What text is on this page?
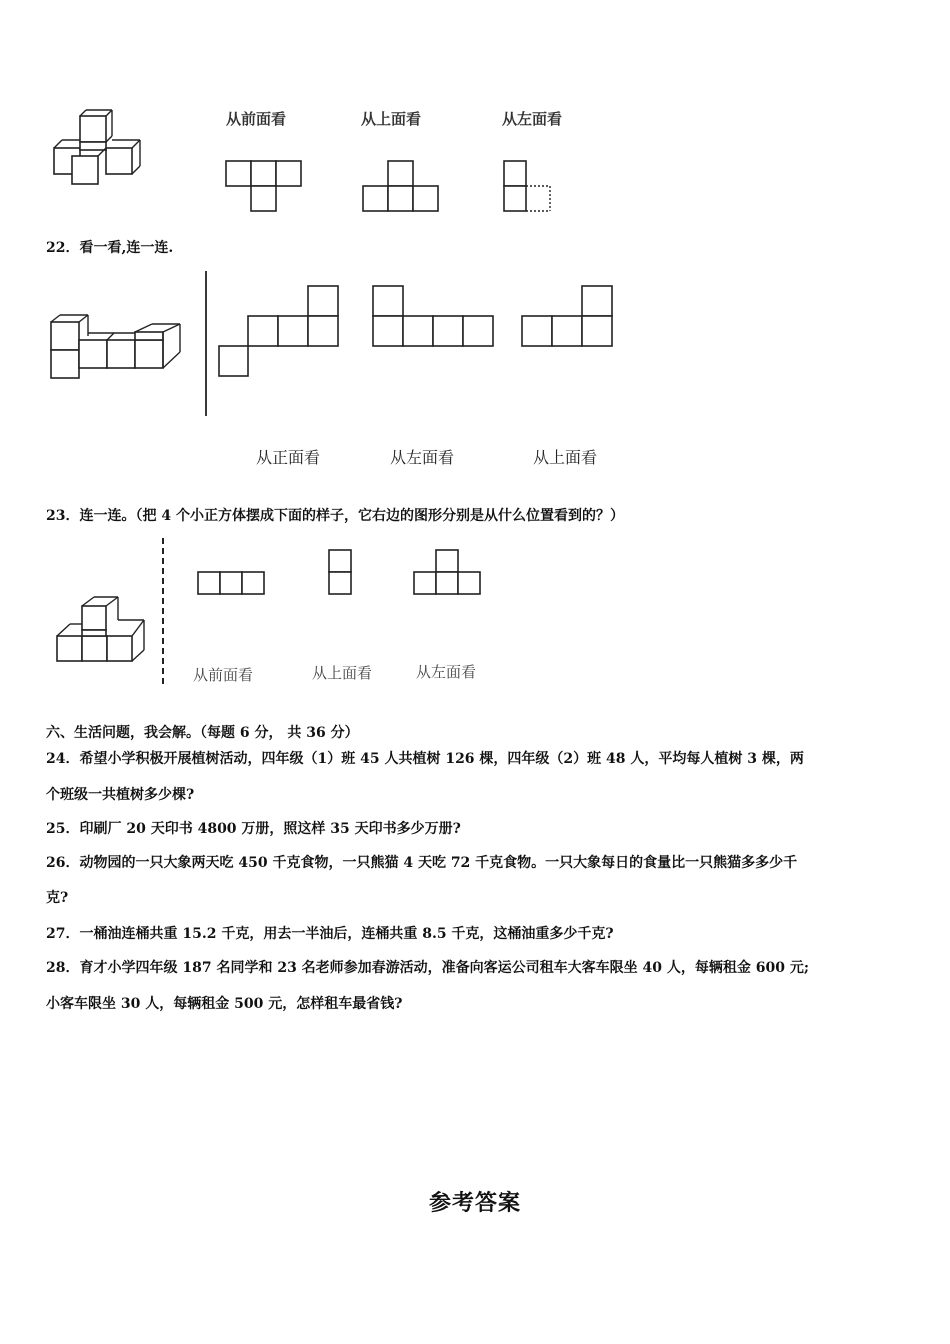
从前面看	从上面看	从左面看
22．看一看,连一连.
从正面看	从左面看	从上面看
23．连一连。（把 4 个小正方体摆成下面的样子，它右边的图形分别是从什么位置看到的？）
从前面看	从上面看	从左面看
六、生活问题，我会解。（每题 6 分， 共 36 分）
24．希望小学积极开展植树活动，四年级（1）班 45 人共植树 126 棵，四年级（2）班 48 人，平均每人植树 3 棵，两
个班级一共植树多少棵?
25．印刷厂 20 天印书 4800 万册，照这样 35 天印书多少万册?
26．动物园的一只大象两天吃 450 千克食物，一只熊猫 4 天吃 72 千克食物。一只大象每日的食量比一只熊猫多多少千
克?
27．一桶油连桶共重 15.2 千克，用去一半油后，连桶共重 8.5 千克，这桶油重多少千克?
28．育才小学四年级 187 名同学和 23 名老师参加春游活动，准备向客运公司租车大客车限坐 40 人，每辆租金 600 元;
小客车限坐 30 人，每辆租金 500 元，怎样租车最省钱?
参考答案
